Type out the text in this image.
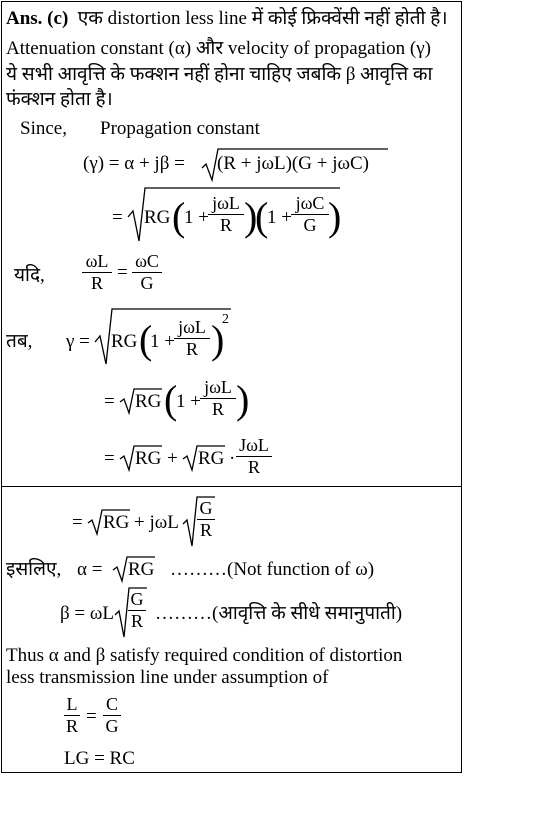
Ans. (c) एक distortion less line में कोई फ्रिक्वेंसी नहीं होती है।
Attenuation constant (α) और velocity of propagation (γ)
ये सभी आवृत्ति के फक्शन नहीं होना चाहिए जबकि β आवृत्ति का
फंक्शन होता है।
Since, Propagation constant
(γ) = α + jβ = (R + jωL)(G + jωC)
= RG (
1 +
jωL
R )
(
1 +
jωC
G )
यदि,
ωL
R =
ωC
G
तब, γ = RG (
1 +
jωL
R )
2
= RG (
1 +
jωL
R )
= RG + RG ·
JωL
R
= RG + jωL
G
R
इसलिए, α = RG ………(Not function of ω)
β = ωL
G
R ………(आवृत्ति के सीधे समानुपाती)
Thus α and β satisfy required condition of distortion
less transmission line under assumption of
L
R =
C
G
LG = RC
